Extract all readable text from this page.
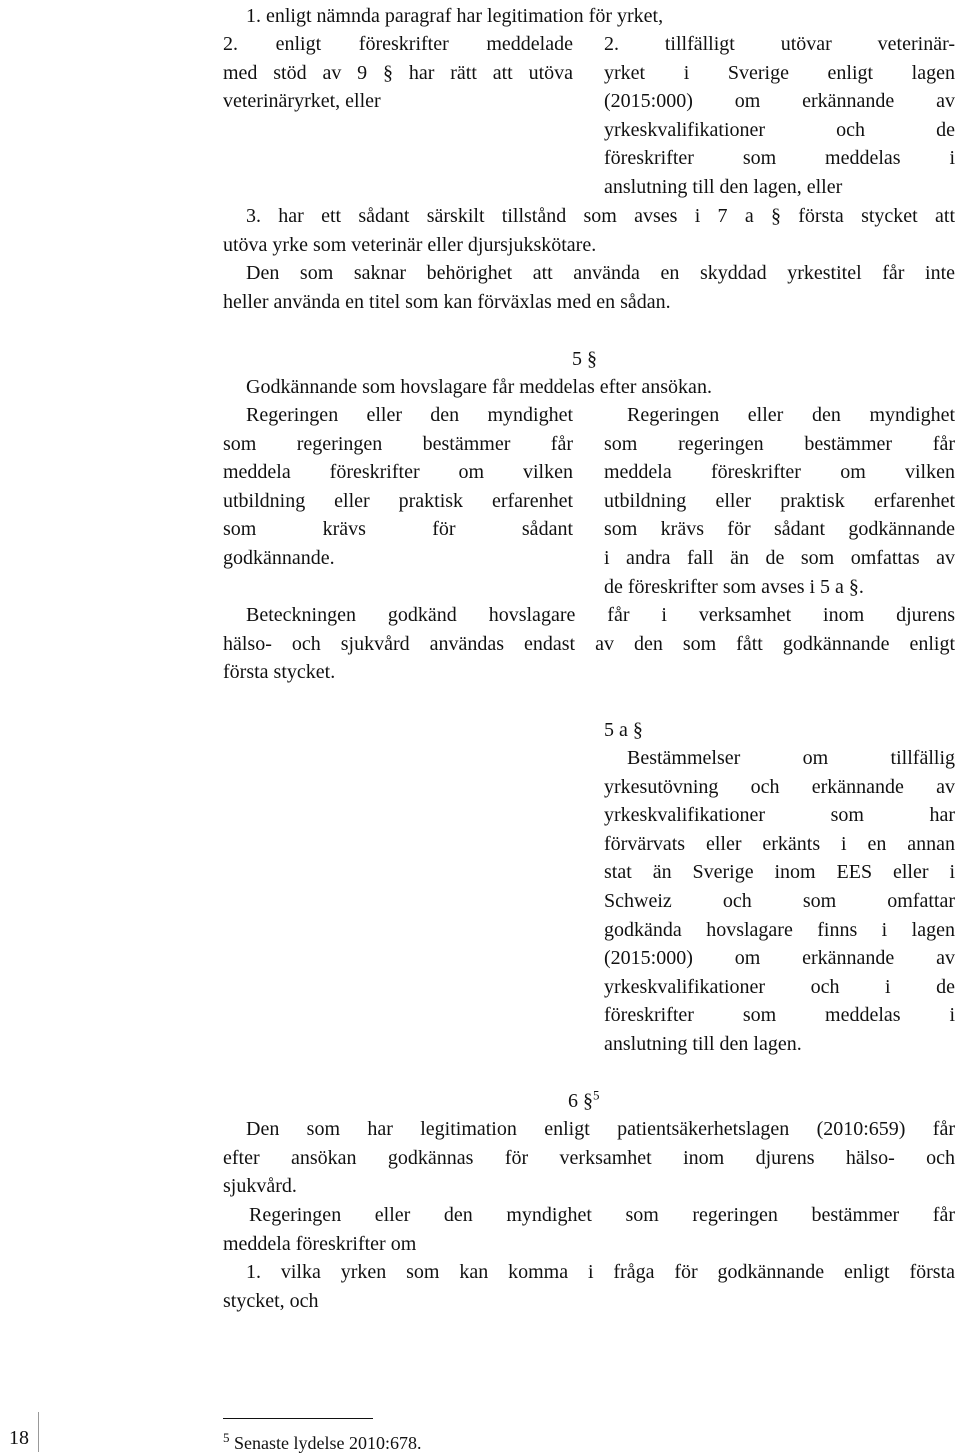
1. enligt nämnda paragraf har legitimation för yrket,

2. enligt föreskrifter meddelade
med stöd av 9 § har rätt att utöva
veterinäryrket, eller
2. tillfälligt utövar veterinär-
yrket i Sverige enligt lagen
(2015:000) om erkännande av
yrkeskvalifikationer och de
föreskrifter som meddelas i
anslutning till den lagen, eller
3. har ett sådant särskilt tillstånd som avses i 7 a § första stycket att
utöva yrke som veterinär eller djursjukskötare.
Den som saknar behörighet att använda en skyddad yrkestitel får inte
heller använda en titel som kan förväxlas med en sådan.

5 §

Godkännande som hovslagare får meddelas efter ansökan.

Regeringen eller den myndighet
som regeringen bestämmer får
meddela föreskrifter om vilken
utbildning eller praktisk erfarenhet
som krävs för sådant
godkännande.
Regeringen eller den myndighet
som regeringen bestämmer får
meddela föreskrifter om vilken
utbildning eller praktisk erfarenhet
som krävs för sådant godkännande
i andra fall än de som omfattas av
de föreskrifter som avses i 5 a §.
Beteckningen godkänd hovslagare får i verksamhet inom djurens
hälso- och sjukvård användas endast av den som fått godkännande enligt
första stycket.

5 a §

Bestämmelser om tillfällig
yrkesutövning och erkännande av
yrkeskvalifikationer som har
förvärvats eller erkänts i en annan
stat än Sverige inom EES eller i
Schweiz och som omfattar
godkända hovslagare finns i lagen
(2015:000) om erkännande av
yrkeskvalifikationer och i de
föreskrifter som meddelas i
anslutning till den lagen.

6 §$^5$

Den som har legitimation enligt patientsäkerhetslagen (2010:659) får
efter ansökan godkännas för verksamhet inom djurens hälso- och
sjukvård.
Regeringen eller den myndighet som regeringen bestämmer får
meddela föreskrifter om
1. vilka yrken som kan komma i fråga för godkännande enligt första
stycket, och

$^5$ Senaste lydelse 2010:678.

18
